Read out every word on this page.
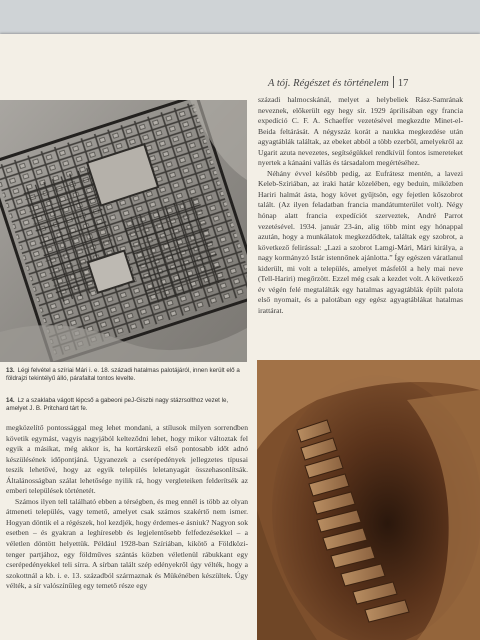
A tój. Régészet és történelem 17
13. Légi felvétel a szíriai Mári i. e. 18. századi hatalmas palotájáról, innen került elő a földrajzi tekintélyű álló, párafaltal tontos levelte.
14. Lz a szaklaba vágott lépcső a gabeoni peJ-Giszbi nagy stázrsolthoz vezet le, amelyet J. B. Pritchard tárt fe.

századi halmocskánál, melyet a helybeliek Rász-Samrának neveznek, előkerült egy hegy sír. 1929 áprilisában egy francia expedíció C. F. A. Schaeffer vezetésével megkezdte Minet-el-Beida feltárását. A négyszáz korát a naukka megkezdése után agyagtáblák találtak, az ebeket abból a több ezerből, amelyekről az Ugarit azuta nevezetes, segítségükkel rendkívül fontos ismereteket nyertek a kánaáni vallás és társadalom megértéséhez.

Néhány évvel később pedig, az Eufrátesz mentén, a lavezi Keleb-Szíriában, az iraki határ közelében, egy beduin, miközben Hariri halmát ásta, hogy követ gyűjtsön, egy fejetlen kőszobrot talált. (Az ilyen feladatban francia mandátumterület volt). Négy hónap alatt francia expedíciót szerveztek, André Parrot vezetésével. 1934. január 23-án, alig több mint egy hónappal azután, hogy a munkálatok megkezdődtek, találtak egy szobrot, a következő felirással: „Lazi a szobrot Lamgi-Mári, Mári királya, a nagy kormányzó Istár istennőnek ajánlotta.” Így egészen váratlanul kiderült, mi volt a település, amelyet másfelől a hely mai neve (Tell-Hariri) megőrzött. Ezzel még csak a kezdet volt. A következő év végén felé megtalálták egy hatalmas agyagtáblák épült palota első nyomait, és a palotában egy egész agyagtáblákat hatalmas irattárat.

megközelítő pontossággal meg lehet mondani, a stílusok milyen sorrendben követik egymást, vagyis nagyjából kelteződni lehet, hogy mikor változtak fel egyik a másikat, még akkor is, ha kortárskezű első pontosabb időt adnó készülésének időpontjáná. Ugyanezek a cserépedények jellegzetes típusai teszik lehetővé, hogy az egyik település leletanyagát összehasonlítsák. Általánosságban szálat lehetősége nyilik rá, hogy vergleteiken felderítsék az emberi települések történetét.

Számos ilyen tell található ebben a térségben, és meg ennél is több az olyan átmeneti település, vagy temető, amelyet csak számos szakértő nem ismer. Hogyan döntik el a régészek, hol kezdjék, hogy érdemes-e ásniuk? Nagyon sok esetben – és gyakran a leghíresebb és legjelentősebb felfedezésekkel – a véletlen döntött helyettük. Például 1928-ban Szíriában, kikötő a Földközi-tenger partjához, egy földműves szántás közben véletlenül rábukkant egy cserépedényekkel teli sírra. A sírban talált szép edényekről úgy vélték, hogy a szokottnál a kb. i. e. 13. századból származnak és Mükénében készültek. Úgy vélték, a sír valószínűleg egy temető része egy
